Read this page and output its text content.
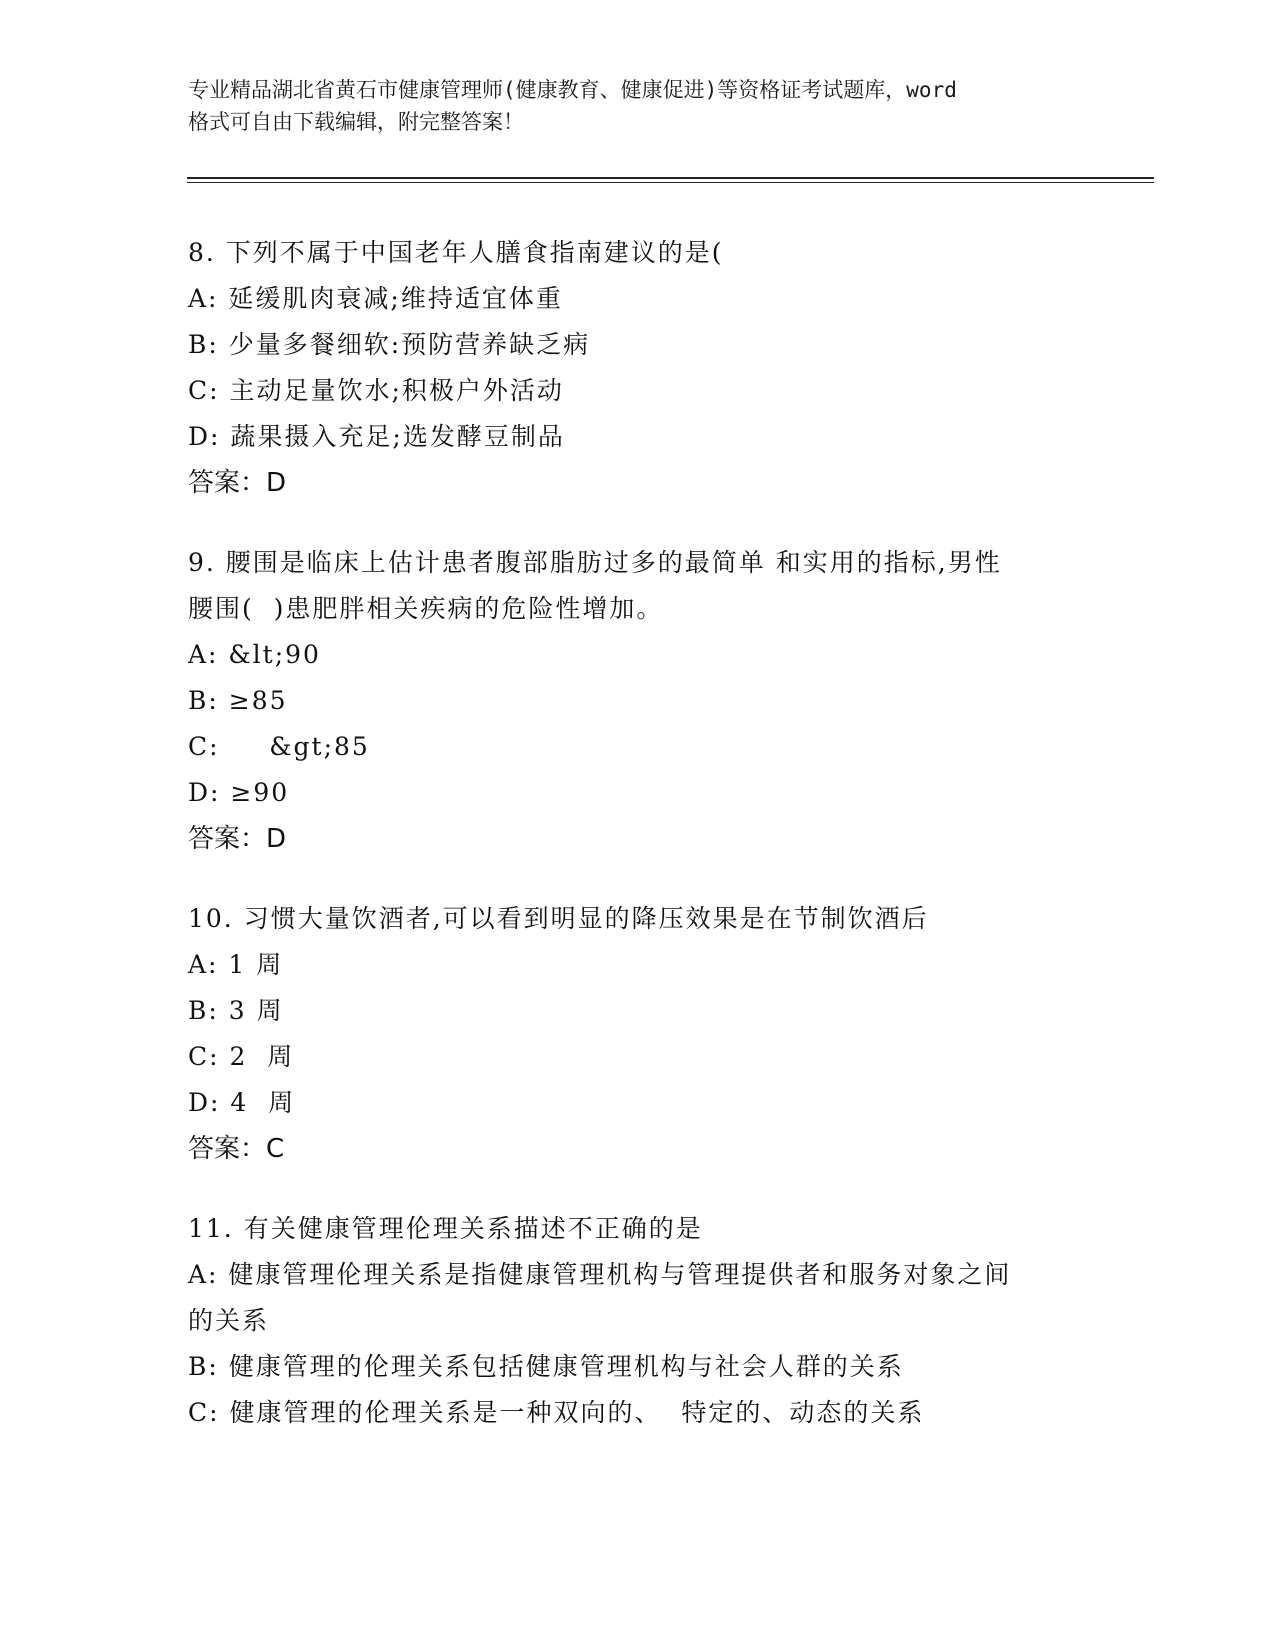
专业精品湖北省黄石市健康管理师(健康教育、健康促进)等资格证考试题库，word
格式可自由下载编辑，附完整答案！
8. 下列不属于中国老年人膳食指南建议的是(
A: 延缓肌肉衰减;维持适宜体重
B: 少量多餐细软:预防营养缺乏病
C: 主动足量饮水;积极户外活动
D: 蔬果摄入充足;选发酵豆制品
答案：D
9. 腰围是临床上估计患者腹部脂肪过多的最简单 和实用的指标,男性
腰围(  )患肥胖相关疾病的危险性增加。
A: &lt;90
B: ≥85
C:     &gt;85
D: ≥90
答案：D
10. 习惯大量饮酒者,可以看到明显的降压效果是在节制饮酒后
A: 1 周
B: 3 周
C: 2  周
D: 4  周
答案：C
11. 有关健康管理伦理关系描述不正确的是
A: 健康管理伦理关系是指健康管理机构与管理提供者和服务对象之间
的关系
B: 健康管理的伦理关系包括健康管理机构与社会人群的关系
C: 健康管理的伦理关系是一种双向的、  特定的、动态的关系
